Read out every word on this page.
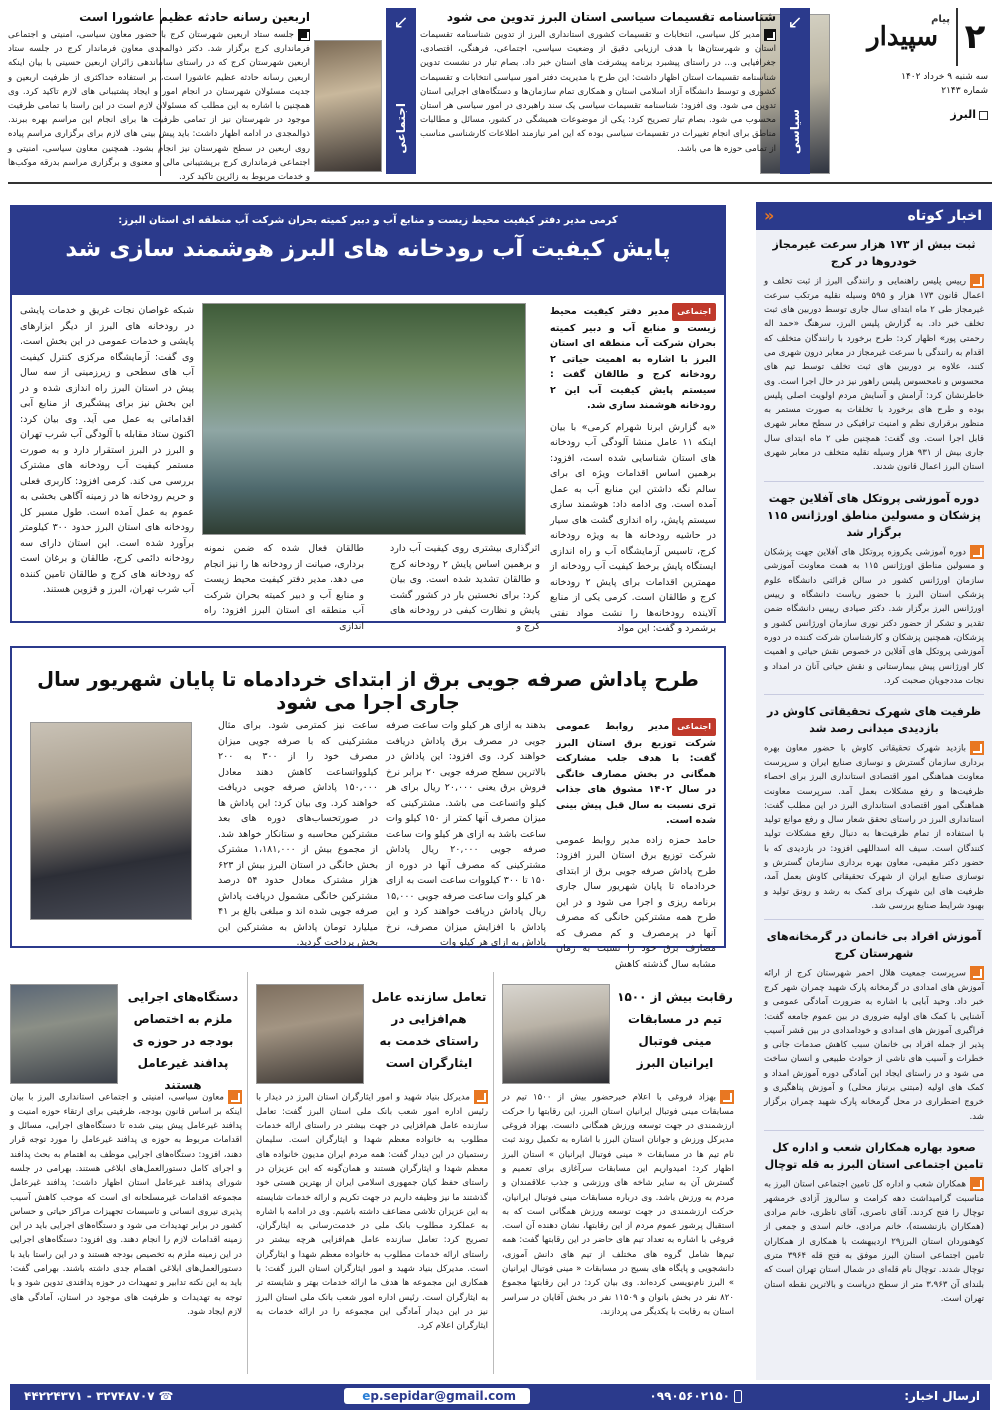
۲
پیام
سپیدار
سه شنبه ۹ خرداد ۱۴۰۲
شماره ۲۱۴۳
البرز
↙
سیاسی
↙
اجتماعی
شناسنامه تقسیمات سیاسی استان البرز تدوین می شود

مدیر کل سیاسی، انتخابات و تقسیمات کشوری استانداری البرز از تدوین شناسنامه تقسیمات استان و شهرستان‌ها با هدف ارزیابی دقیق از وضعیت سیاسی، اجتماعی، فرهنگی، اقتصادی، جغرافیایی و... در راستای پیشبرد برنامه پیشرفت های استان خبر داد. بصام تبار در نشست تدوین شناسنامه تقسیمات استان اظهار داشت: این طرح با مدیریت دفتر امور سیاسی انتخابات و تقسیمات کشوری و توسط دانشگاه آزاد اسلامی استان و همکاری تمام سازمان‌ها و دستگاه‌های اجرایی استان تدوین می شود. وی افزود: شناسنامه تقسیمات سیاسی یک سند راهبردی در امور سیاسی هر استان محسوب می شود. بصام تبار تصریح کرد: یکی از موضوعات همیشگی در کشور، مسائل و مطالبات مناطق برای انجام تغییرات در تقسیمات سیاسی بوده که این امر نیازمند اطلاعات کارشناسی مناسب از تمامی حوزه ها می باشد.

اربعین رسانه حادثه عظیم عاشورا است

جلسه ستاد اربعین شهرستان کرج با حضور معاون سیاسی، امنیتی و اجتماعی فرمانداری کرج برگزار شد. دکتر ذوالمجدی معاون فرماندار کرج در جلسه ستاد اربعین شهرستان کرج که در راستای ساماندهی زائران اربعین حسینی با بیان اینکه اربعین رسانه حادثه عظیم عاشورا است، بر استفاده حداکثری از ظرفیت اربعین و جدیت مسئولان شهرستان در انجام امور و ایجاد پشتیبانی های لازم تاکید کرد. وی همچنین با اشاره به این مطلب که مسئولان لازم است در این راستا با تمامی ظرفیت موجود در شهرستان نیز از تمامی ظرفیت ها برای انجام این مراسم بهره ببرند. ذوالمجدی در ادامه اظهار داشت: باید پیش بینی های لازم برای برگزاری مراسم پیاده روی اربعین در سطح شهرستان نیز انجام بشود. همچنین معاون سیاسی، امنیتی و اجتماعی فرمانداری کرج برپشتیبانی مالی و معنوی و برگزاری مراسم بدرقه موکب‌ها و خدمات مربوط به زائرین تاکید کرد.

اخبار کوتاه
«
ثبت بیش از ۱۷۳ هزار سرعت غیرمجاز خودروها در کرج

رییس پلیس راهنمایی و رانندگی البرز از ثبت تخلف و اعمال قانون ۱۷۳ هزار و ۵۹۵ وسیله نقلیه مرتکب سرعت غیرمجاز طی ۲ ماه ابتدای سال جاری توسط دوربین های ثبت تخلف خبر داد. به گزارش پلیس البرز، سرهنگ «حمد اله رحمتی پور» اظهار کرد: طرح برخورد با رانندگان متخلف که اقدام به رانندگی با سرعت غیرمجاز در معابر درون شهری می کنند، علاوه بر دوربین های ثبت تخلف توسط تیم های محسوس و نامحسوس پلیس راهور نیز در حال اجرا است. وی خاطرنشان کرد: آرامش و آسایش مردم اولویت اصلی پلیس بوده و طرح های برخورد با تخلفات به صورت مستمر به منظور برقراری نظم و امنیت ترافیکی در سطح معابر شهری قابل اجرا است. وی گفت: همچنین طی ۲ ماه ابتدای سال جاری بیش از ۹۳۱ هزار وسیله نقلیه متخلف در معابر شهری استان البرز اعمال قانون شدند.

دوره آموزشی پروتکل های آفلاین جهت پزشکان و مسولین مناطق اورژانس ۱۱۵ برگزار شد

دوره آموزشی یکروزه پروتکل های آفلاین جهت پزشکان و مسولین مناطق اورژانس ۱۱۵ به همت معاونت آموزشی سازمان اورژانس کشور در سالن قرائتی دانشگاه علوم پزشکی استان البرز با حضور ریاست دانشگاه و رییس اورژانس البرز برگزار شد. دکتر صیادی رییس دانشگاه ضمن تقدیر و تشکر از حضور دکتر نوری سازمان اورژانس کشور و پزشکان، همچنین پزشکان و کارشناسان شرکت کننده در دوره آموزشی پروتکل های آفلاین در خصوص نقش حیاتی و اهمیت کار اورژانس پیش بیمارستانی و نقش حیاتی آنان در امداد و نجات مددجویان صحبت کرد.

ظرفیت های شهرک تحقیقاتی کاوش در بازدیدی میدانی رصد شد

بازدید شهرک تحقیقاتی کاوش با حضور معاون بهره برداری سازمان گسترش و نوسازی صنایع ایران و سرپرست معاونت هماهنگی امور اقتصادی استانداری البرز برای احصاء ظرفیت‌ها و رفع مشکلات بعمل آمد. سرپرست معاونت هماهنگی امور اقتصادی استانداری البرز در این مطلب گفت: استانداری البرز در راستای تحقق شعار سال و رفع موانع تولید با استفاده از تمام ظرفیت‌ها به دنبال رفع مشکلات تولید کنندگان است. سیف اله اسداللهی افزود: در بازدیدی که با حضور دکتر مقیمی، معاون بهره برداری سازمان گسترش و نوسازی صنایع ایران از شهرک تحقیقاتی کاوش بعمل آمد، ظرفیت های این شهرک برای کمک به رشد و رونق تولید و بهبود شرایط صنایع بررسی شد.

آموزش افراد بی خانمان در گرمخانه‌های شهرستان کرج

سرپرست جمعیت هلال احمر شهرستان کرج از ارائه آموزش های امدادی در گرمخانه پارک شهید چمران شهر کرج خبر داد. وحید آبایی با اشاره به ضرورت آمادگی عمومی و آشنایی با کمک های اولیه ضروری در بین عموم جامعه گفت: فراگیری آموزش های امدادی و خودامدادی در بین قشر آسیب پذیر از جمله افراد بی خانمان سبب کاهش صدمات جانی و خطرات و آسیب های ناشی از حوادث طبیعی و انسان ساخت می شود و در راستای ایجاد این آمادگی دوره آموزش امداد و کمک های اولیه (مبتنی برنیاز محلی) و آموزش پناهگیری و خروج اضطراری در محل گرمخانه پارک شهید چمران برگزار شد.

صعود بهاره همکاران شعب و اداره کل تامین اجتماعی استان البرز به قله توچال

همکاران شعب و اداره کل تامین اجتماعی استان البرز به مناسبت گرامیداشت دهه کرامت و سالروز آزادی خرمشهر توچال را فتح کردند. آقای ناصری، آقای ناظری، خانم مرادی (همکاران بازنشسته)، خانم مرادی، خانم اسدی و جمعی از کوهنوردان استان البرز۲۹ اردیبهشت با همکاری از همکاران تامین اجتماعی استان البرز موفق به فتح قله ۳۹۶۴ متری توچال شدند. توچال نام قله‌ای در شمال استان تهران است که بلندای آن ۳،۹۶۳ متر از سطح دریاست و بالاترین نقطه استان تهران است.

کرمی مدیر دفتر کیفیت محیط زیست و منابع آب و دبیر کمیته بحران شرکت آب منطقه ای استان البرز:
پایش کیفیت آب رودخانه های البرز هوشمند سازی شد

اجتماعیمدیر دفتر کیفیت محیط زیست و منابع آب و دبیر کمیته بحران شرکت آب منطقه ای استان البرز با اشاره به اهمیت حیاتی ۲ رودخانه کرج و طالقان گفت : سیستم پایش کیفیت آب این ۲ رودخانه هوشمند سازی شد.

«به گزارش ابرنا شهرام کرمی» با بیان اینکه ۱۱ عامل منشا آلودگی آب رودخانه های استان شناسایی شده است، افزود: برهمین اساس اقدامات ویژه ای برای سالم نگه داشتن این منابع آب به عمل آمده است. وی ادامه داد: هوشمند سازی سیستم پایش، راه اندازی گشت های سیار در حاشیه رودخانه ها به ویژه رودخانه کرج، تاسیس آزمایشگاه آب و راه اندازی ایستگاه پایش برخط کیفیت آب رودخانه از مهمترین اقدامات برای پایش ۲ رودخانه کرج و طالقان است. کرمی یکی از منابع آلاینده رودخانه‌ها را نشت مواد نفتی برشمرد و گفت: این مواد

اثرگذاری بیشتری روی کیفیت آب دارد و برهمین اساس پایش ۲ رودخانه کرج و طالقان تشدید شده است. وی بیان کرد: برای نخستین بار در کشور گشت پایش و نظارت کیفی در رودخانه های کرج و

طالقان فعال شده که ضمن نمونه برداری، صیانت از رودخانه ها را نیز انجام می دهد. مدیر دفتر کیفیت محیط زیست و منابع آب و دبیر کمیته بحران شرکت آب منطقه ای استان البرز افزود: راه اندازی

شبکه غواصان نجات غریق و خدمات پایشی در رودخانه های البرز از دیگر ابزارهای پایشی و خدمات عمومی در این بخش است. وی گفت: آزمایشگاه مرکزی کنترل کیفیت آب های سطحی و زیرزمینی از سه سال پیش در استان البرز راه اندازی شده و در این بخش نیز برای پیشگیری از منابع آبی اقداماتی به عمل می آید. وی بیان کرد: اکنون ستاد مقابله با آلودگی آب شرب تهران و البرز در البرز استقرار دارد و به صورت مستمر کیفیت آب رودخانه های مشترک بررسی می کند. کرمی افزود: کاربری فعلی و حریم رودخانه ها در زمینه آگاهی بخشی به عموم به عمل آمده است. طول مسیر کل رودخانه های استان البرز حدود ۳۰۰ کیلومتر برآورد شده است. این استان دارای سه رودخانه دائمی کرج، طالقان و برغان است که رودخانه های کرج و طالقان تامین کننده آب شرب تهران، البرز و قزوین هستند.

طرح پاداش صرفه جویی برق از ابتدای خردادماه تا پایان شهریور سال جاری اجرا می شود

اجتماعیمدیر روابط عمومی شرکت توزیع برق استان البرز گفت: با هدف جلب مشارکت همگانی در بخش مصارف خانگی در سال ۱۴۰۲ مشوق های جذاب تری نسبت به سال قبل پیش بینی شده است.

حامد حمزه زاده مدیر روابط عمومی شرکت توزیع برق استان البرز افزود: طرح پاداش صرفه جویی برق از ابتدای خردادماه تا پایان شهریور سال جاری برنامه ریزی و اجرا می شود و در این طرح همه مشترکین خانگی که مصرف آنها در پرمصرف و کم مصرف که مصارف برق خود را نسبت به زمان مشابه سال گذشته کاهش

بدهند به ازای هر کیلو وات ساعت صرفه جویی در مصرف برق پاداش دریافت خواهند کرد. وی افزود: این پاداش در بالاترین سطح صرفه جویی ۲۰ برابر نرخ فروش برق یعنی ۲۰,۰۰۰ ریال برای هر کیلو واتساعت می باشد. مشترکینی که میزان مصرف آنها کمتر از ۱۵۰ کیلو وات ساعت باشد به ازای هر کیلو وات ساعت صرفه جویی ۲۰,۰۰۰ ریال پاداش مشترکینی که مصرف آنها در دوره از ۱۵۰ تا ۳۰۰ کیلووات ساعت است به ازای هر کیلو وات ساعت صرفه جویی ۱۵,۰۰۰ ریال پاداش دریافت خواهند کرد و این پاداش با افزایش میزان مصرف، نرخ پاداش به ازای هر کیلو وات

ساعت نیز کمترمی شود. برای مثال مشترکینی که با صرفه جویی میزان مصرف خود را از ۳۰۰ به ۲۰۰ کیلوواتساعت کاهش دهند معادل ۱۵۰,۰۰۰ پاداش صرفه جویی دریافت خواهند کرد. وی بیان کرد: این پاداش ها در صورتحساب‌های دوره های بعد مشترکین محاسبه و ستانکار خواهد شد. از مجموع بیش از ۱،۱۸۱,۰۰۰ مشترک بخش خانگی در استان البرز بیش از ۶۲۳ هزار مشترک معادل حدود ۵۴ درصد مشترکین خانگی مشمول دریافت پاداش صرفه جویی شده اند و مبلغی بالغ بر ۴۱ میلیارد تومان پاداش به مشترکین این بخش پرداخت گردید.

رقابت بیش از ۱۵۰۰ تیم در مسابقات مینی فوتبال ایرانیان البرز

بهزاد فروغی با اعلام خبرحضور بیش از ۱۵۰۰ تیم در مسابقات مینی فوتبال ایرانیان استان البرز، این رقابتها را حرکت ارزشمندی در جهت توسعه ورزش همگانی دانست. بهزاد فروغی مدیرکل ورزش و جوانان استان البرز با اشاره به تکمیل روند ثبت نام تیم ها در مسابقات « مینی فوتبال ایرانیان » استان البرز اظهار کرد: امیدواریم این مسابقات سرآغازی برای تعمیم و گسترش آن به سایر شاخه های ورزشی و جذب علاقمندان و مردم به ورزش باشد. وی درباره مسابقات مینی فوتبال ایرانیان، حرکت ارزشمندی در جهت توسعه ورزش همگانی است که به استقبال پرشور عموم مردم از این رقابتها، نشان دهنده آن است. فروغی با اشاره به تعداد تیم های حاضر در این رقابتها گفت: همه تیم‌ها شامل گروه های مختلف از تیم های دانش آموزی، دانشجویی و پایگاه های بسیج در مسابقات « مینی فوتبال ایرانیان » البرز نام‌نویسی کرده‌اند. وی بیان کرد: در این رقابتها مجموع ۸۲۰ نفر در بخش بانوان و ۱۱۵۰۹ نفر در بخش آقایان در سراسر استان به رقابت با یکدیگر می پردازند.

تعامل سازنده عامل هم‌افزایی در راستای خدمت به ایثارگران است

مدیرکل بنیاد شهید و امور ایثارگران استان البرز در دیدار با رئیس اداره امور شعب بانک ملی استان البرز گفت: تعامل سازنده عامل هم‌افزایی در جهت بیشتر در راستای ارائه خدمات مطلوب به خانواده معظم شهدا و ایثارگران است. سلیمان رستمیان در این دیدار گفت: همه مردم ایران مدیون خانواده های معظم شهدا و ایثارگران هستند و همان‌گونه که این عزیزان در راستای حفظ کیان جمهوری اسلامی ایران از بهترین هستی خود گذشتند ما نیز وظیفه داریم در جهت تکریم و ارائه خدمات شایسته به این عزیزان تلاشی مضاعف داشته باشیم. وی در ادامه با اشاره به عملکرد مطلوب بانک ملی در خدمت‌رسانی به ایثارگران، تصریح کرد: تعامل سازنده عامل هم‌افزایی هرچه بیشتر در راستای ارائه خدمات مطلوب به خانواده معظم شهدا و ایثارگران است. مدیرکل بنیاد شهید و امور ایثارگران استان البرز گفت: با همکاری این مجموعه ها هدف ما ارائه خدمات بهتر و شایسته تر به ایثارگران است. رئیس اداره امور شعب بانک ملی استان البرز نیز در این دیدار آمادگی این مجموعه را در ارائه خدمات به ایثارگران اعلام کرد.

دستگاه‌های اجرایی ملزم به اختصاص بودجه در حوزه ی پدافند غیرعامل هستند

معاون سیاسی، امنیتی و اجتماعی استانداری البرز با بیان اینکه بر اساس قانون بودجه، ظرفیتی برای ارتقاء حوزه امنیت و پدافند غیرعامل پیش بینی شده تا دستگاه‌های اجرایی، مسائل و اقدامات مربوط به حوزه ی پدافند غیرعامل را مورد توجه قرار دهند، افزود: دستگاه‌های اجرایی موظف به اهتمام به بحث پدافند و اجرای کامل دستورالعمل‌های ابلاغی هستند. بهرامی در جلسه شورای پدافند غیرعامل استان اظهار داشت: پدافند غیرعامل مجموعه اقدامات غیرمسلحانه ای است که موجب کاهش آسیب پذیری نیروی انسانی و تاسیسات تجهیزات مراکز حیاتی و حساس کشور در برابر تهدیدات می شود و دستگاه‌های اجرایی باید در این زمینه اقدامات لازم را انجام دهند. وی افزود: دستگاه‌های اجرایی در این زمینه ملزم به تخصیص بودجه هستند و در این راستا باید با دستورالعمل‌های ابلاغی اهتمام جدی داشته باشند. بهرامی گفت: باید به این نکته تدابیر و تمهیدات در حوزه پدافندی تدوین شود و با توجه به تهدیدات و ظرفیت های موجود در استان، آمادگی های لازم ایجاد شود.

ارسال اخبار:
۰۹۹۰۵۶۰۲۱۵۰
ep.sepidar@gmail.com
☎۳۲۷۴۸۷۰۷ - ۴۴۲۲۴۳۷۱
